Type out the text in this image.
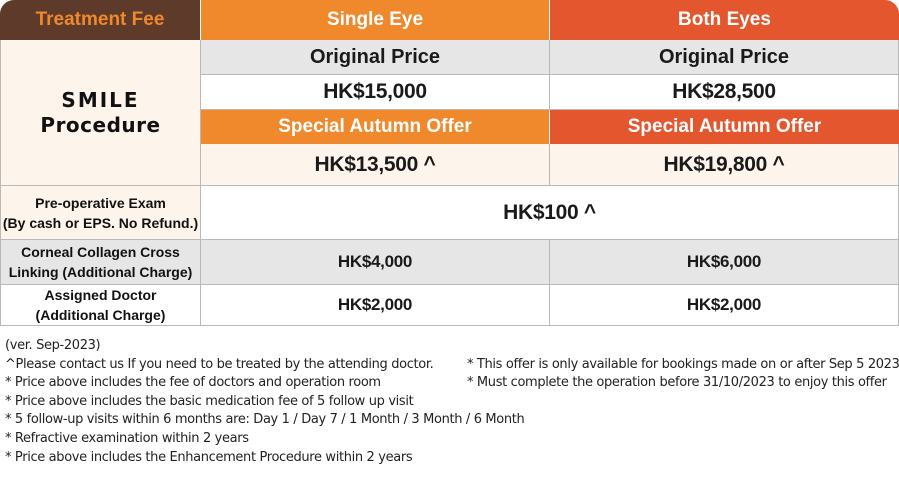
Treatment Fee	Single Eye	Both Eyes
SMILE
Procedure
Original Price	Original Price
HK$15,000	HK$28,500
Special Autumn Offer	Special Autumn Offer
HK$13,500 ^	HK$19,800 ^
Pre-operative Exam
(By cash or EPS. No Refund.)	HK$100 ^
Corneal Collagen Cross
Linking (Additional Charge)
HK$4,000	HK$6,000
Assigned Doctor
(Additional Charge)
HK$2,000	HK$2,000
(ver. Sep-2023)
^Please contact us If you need to be treated by the attending doctor.
* Price above includes the fee of doctors and operation room
* Price above includes the basic medication fee of 5 follow up visit
* 5 follow-up visits within 6 months are: Day 1 / Day 7 / 1 Month / 3 Month / 6 Month
* Refractive examination within 2 years
* Price above includes the Enhancement Procedure within 2 years
* This offer is only available for bookings made on or after Sep 5 2023
* Must complete the operation before 31/10/2023 to enjoy this offer
